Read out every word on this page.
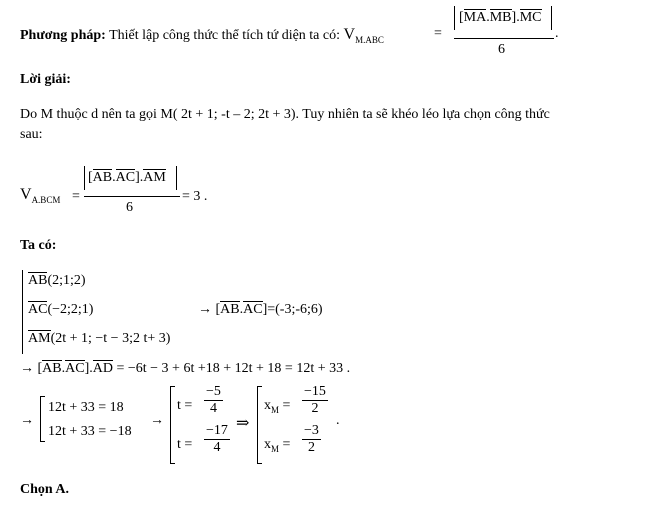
Phương pháp: Thiết lập công thức thể tích tứ diện ta có: $V_{M.ABC}$	=
[MA.MB].MC
6
.
Lời giải:
Do M thuộc d nên ta gọi M( 2t + 1; -t – 2; 2t + 3). Tuy nhiên ta sẽ khéo léo lựa chọn công thức
sau:
$V_{A.BCM}$ =
[AB.AC].AM
6
= 3 .
Ta có:
AB(2;1;2)
AC(−2;2;1)
AM(2t + 1; −t − 3;2 t+ 3)
→ [AB.AC]=(-3;-6;6)
→ [AB.AC].AD = −6t − 3 + 6t +18 + 12t + 18 = 12t + 33 .
→
12t + 33 = 18
12t + 33 = −18
→
$t = \frac{-5}{4}$
$t = \frac{-17}{4}$ ⇒
$x_M = \frac{-15}{2}$
$x_M = \frac{-3}{2}$
.
Chọn A.
